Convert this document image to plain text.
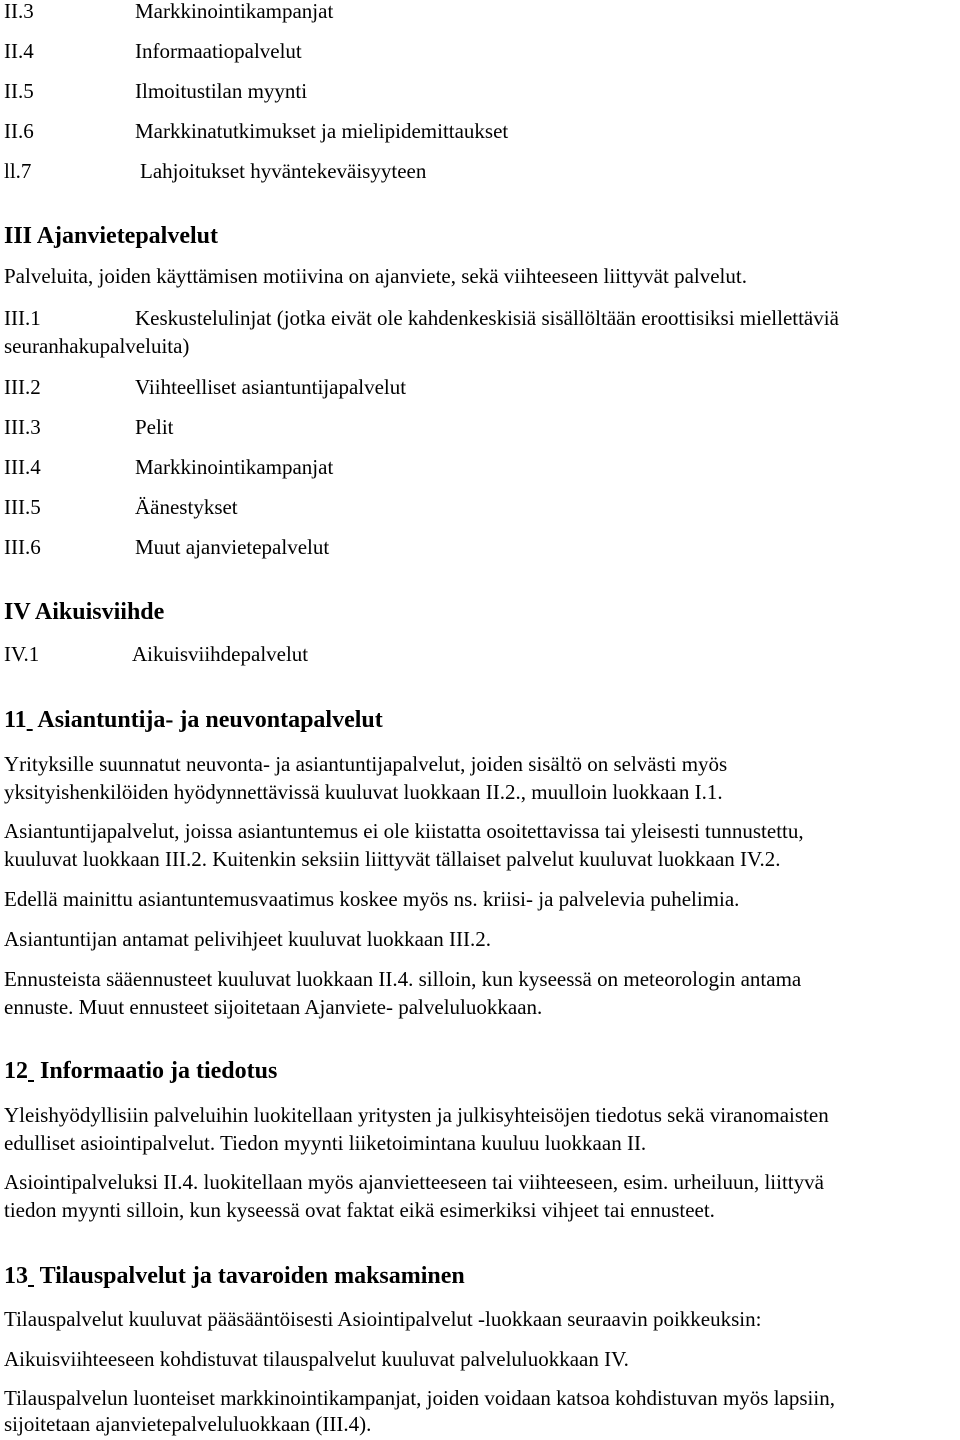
II.3	Markkinointikampanjat
II.4	Informaatiopalvelut
II.5	Ilmoitustilan myynti
II.6	Markkinatutkimukset ja mielipidemittaukset
ll.7	Lahjoitukset hyväntekeväisyyteen
III Ajanvietepalvelut
Palveluita, joiden käyttämisen motiivina on ajanviete, sekä viihteeseen liittyvät palvelut.
III.1	Keskustelulinjat (jotka eivät ole kahdenkeskisiä sisällöltään eroottisiksi miellettäviä
seuranhakupalveluita)
III.2	Viihteelliset asiantuntijapalvelut
III.3	Pelit
III.4	Markkinointikampanjat
III.5	Äänestykset
III.6	Muut ajanvietepalvelut
IV Aikuisviihde
IV.1	Aikuisviihdepalvelut
11 Asiantuntija- ja neuvontapalvelut
Yrityksille suunnatut neuvonta- ja asiantuntijapalvelut, joiden sisältö on selvästi myös
yksityishenkilöiden hyödynnettävissä kuuluvat luokkaan II.2., muulloin luokkaan I.1.
Asiantuntijapalvelut, joissa asiantuntemus ei ole kiistatta osoitettavissa tai yleisesti tunnustettu,
kuuluvat luokkaan III.2. Kuitenkin seksiin liittyvät tällaiset palvelut kuuluvat luokkaan IV.2.
Edellä mainittu asiantuntemusvaatimus koskee myös ns. kriisi- ja palvelevia puhelimia.
Asiantuntijan antamat pelivihjeet kuuluvat luokkaan III.2.
Ennusteista sääennusteet kuuluvat luokkaan II.4. silloin, kun kyseessä on meteorologin antama
ennuste. Muut ennusteet sijoitetaan Ajanviete- palveluluokkaan.
12 Informaatio ja tiedotus
Yleishyödyllisiin palveluihin luokitellaan yritysten ja julkisyhteisöjen tiedotus sekä viranomaisten
edulliset asiointipalvelut. Tiedon myynti liiketoimintana kuuluu luokkaan II.
Asiointipalveluksi II.4. luokitellaan myös ajanvietteeseen tai viihteeseen, esim. urheiluun, liittyvä
tiedon myynti silloin, kun kyseessä ovat faktat eikä esimerkiksi vihjeet tai ennusteet.
13 Tilauspalvelut ja tavaroiden maksaminen
Tilauspalvelut kuuluvat pääsääntöisesti Asiointipalvelut -luokkaan seuraavin poikkeuksin:
Aikuisviihteeseen kohdistuvat tilauspalvelut kuuluvat palveluluokkaan IV.
Tilauspalvelun luonteiset markkinointikampanjat, joiden voidaan katsoa kohdistuvan myös lapsiin,
sijoitetaan ajanvietepalveluluokkaan (III.4).
